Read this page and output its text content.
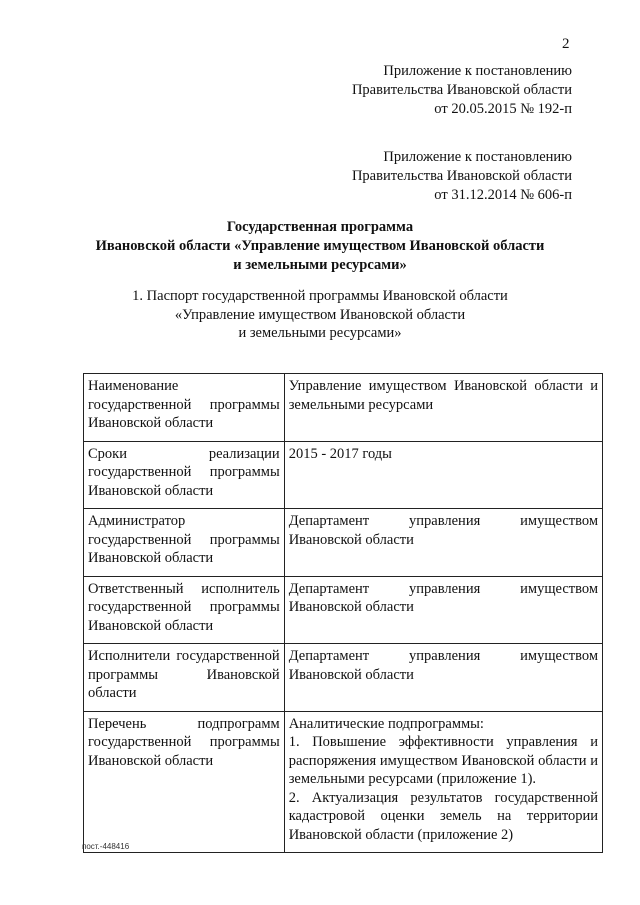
2
Приложение к постановлению
Правительства Ивановской области
от 20.05.2015 № 192-п
Приложение к постановлению
Правительства Ивановской области
от 31.12.2014 № 606-п
Государственная программа
Ивановской области «Управление имуществом Ивановской области
и земельными ресурсами»
1. Паспорт государственной программы Ивановской области
«Управление имуществом Ивановской области
и земельными ресурсами»
Наименование государственной программы Ивановской области	Управление имуществом Ивановской области и земельными ресурсами
Сроки реализации государственной программы Ивановской области	2015 - 2017 годы
Администратор государственной программы Ивановской области	Департамент управления имуществом Ивановской области
Ответственный исполнитель государственной программы Ивановской области	Департамент управления имуществом Ивановской области
Исполнители государственной программы Ивановской области	Департамент управления имуществом Ивановской области
Перечень подпрограмм государственной программы Ивановской области	Аналитические подпрограммы:
1. Повышение эффективности управления и распоряжения имуществом Ивановской области и земельными ресурсами (приложение 1).
2. Актуализация результатов государственной кадастровой оценки земель на территории Ивановской области (приложение 2)
пост.-448416
